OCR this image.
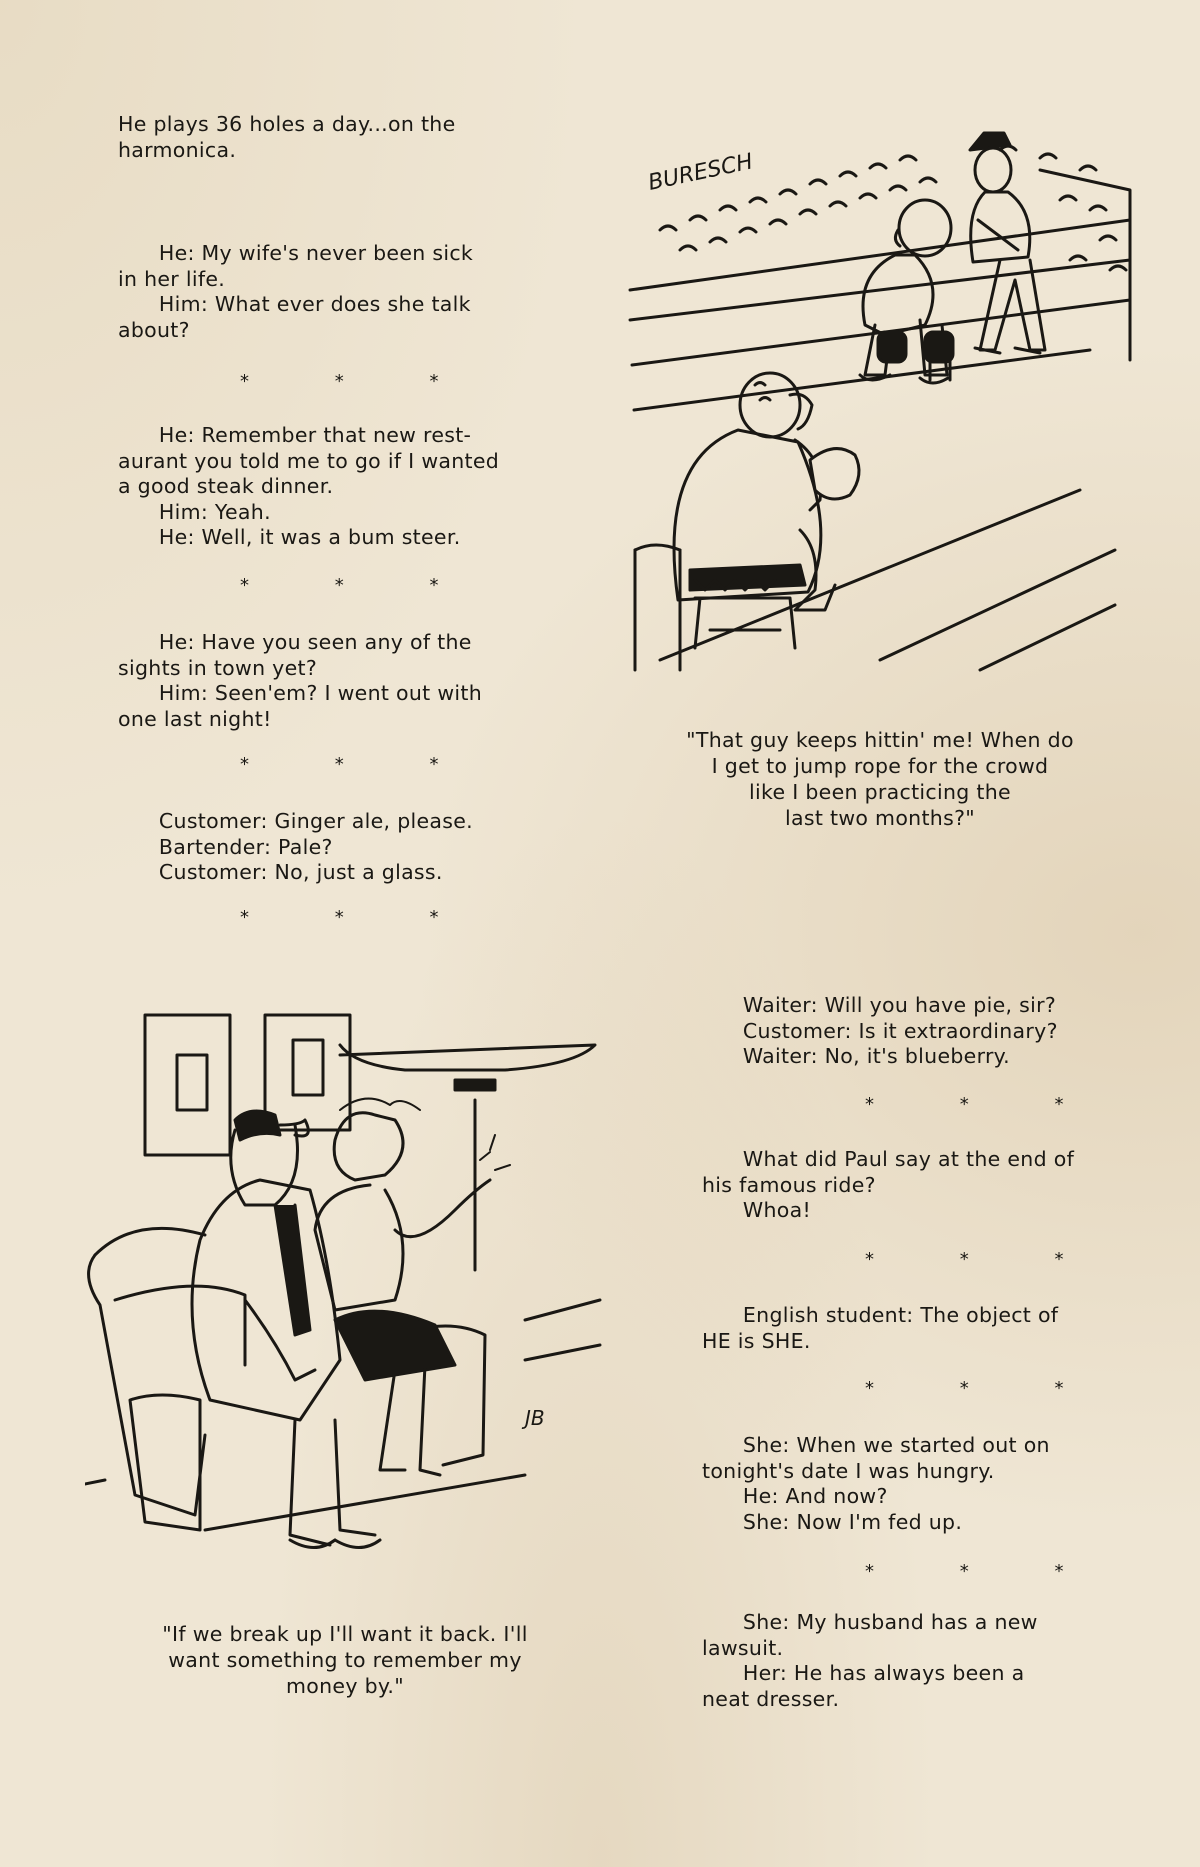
He plays 36 holes a day...on the
harmonica.

He: My wife's never been sick
in her life.
Him: What ever does she talk
about?

* * *

He: Remember that new rest-
aurant you told me to go if I wanted
a good steak dinner.
Him: Yeah.
He: Well, it was a bum steer.

* * *

He: Have you seen any of the
sights in town yet?
Him: Seen'em? I went out with
one last night!

* * *

Customer: Ginger ale, please.
Bartender: Pale?
Customer: No, just a glass.

* * *
BURESCH
"That guy keeps hittin' me! When do
I get to jump rope for the crowd
like I been practicing the
last two months?"
JB
"If we break up I'll want it back. I'll
want something to remember my
money by."

Waiter: Will you have pie, sir?
Customer: Is it extraordinary?
Waiter: No, it's blueberry.

* * *

What did Paul say at the end of
his famous ride?
Whoa!

* * *

English student: The object of
HE is SHE.

* * *

She: When we started out on
tonight's date I was hungry.
He: And now?
She: Now I'm fed up.

* * *

She: My husband has a new
lawsuit.
Her: He has always been a
neat dresser.
